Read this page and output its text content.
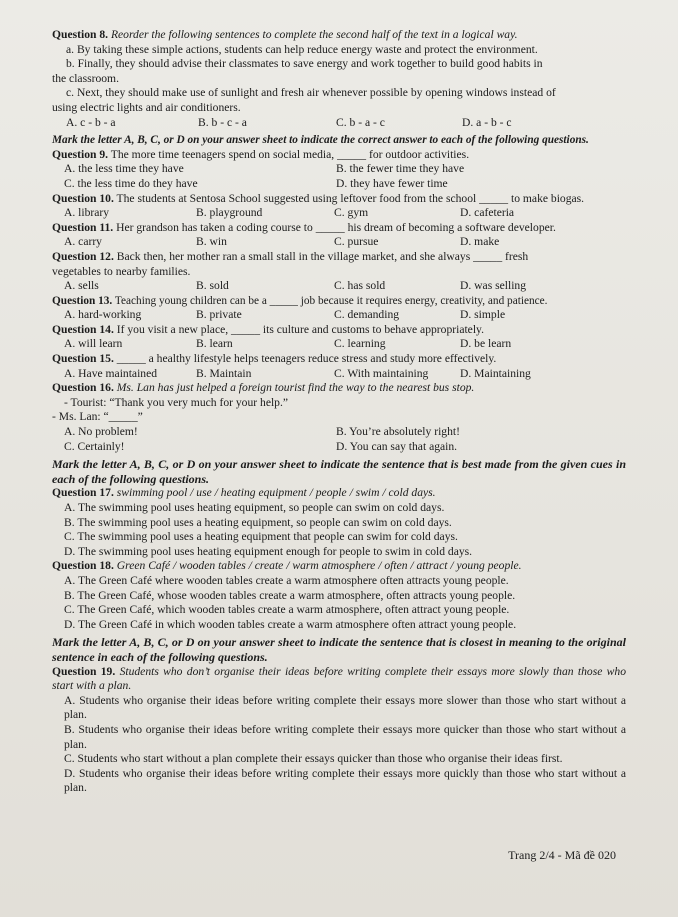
Question 8. Reorder the following sentences to complete the second half of the text in a logical way.
a. By taking these simple actions, students can help reduce energy waste and protect the environment.
b. Finally, they should advise their classmates to save energy and work together to build good habits in
the classroom.
c. Next, they should make use of sunlight and fresh air whenever possible by opening windows instead of
using electric lights and air conditioners.
A. c - b - a	B. b - c - a	C. b - a - c	D. a - b - c
Mark the letter A, B, C, or D on your answer sheet to indicate the correct answer to each of the following questions.
Question 9. The more time teenagers spend on social media, _____ for outdoor activities.
A. the less time they have	B. the fewer time they have
C. the less time do they have	D. they have fewer time
Question 10. The students at Sentosa School suggested using leftover food from the school _____ to make biogas.
A. library	B. playground	C. gym	D. cafeteria
Question 11. Her grandson has taken a coding course to _____ his dream of becoming a software developer.
A. carry	B. win	C. pursue	D. make
Question 12. Back then, her mother ran a small stall in the village market, and she always _____ fresh
vegetables to nearby families.
A. sells	B. sold	C. has sold	D. was selling
Question 13. Teaching young children can be a _____ job because it requires energy, creativity, and patience.
A. hard-working	B. private	C. demanding	D. simple
Question 14. If you visit a new place, _____ its culture and customs to behave appropriately.
A. will learn	B. learn	C. learning	D. be learn
Question 15. _____ a healthy lifestyle helps teenagers reduce stress and study more effectively.
A. Have maintained	B. Maintain	C. With maintaining	D. Maintaining
Question 16. Ms. Lan has just helped a foreign tourist find the way to the nearest bus stop.
- Tourist: “Thank you very much for your help.”
- Ms. Lan: “_____”
A. No problem!	B. You’re absolutely right!
C. Certainly!	D. You can say that again.
Mark the letter A, B, C, or D on your answer sheet to indicate the sentence that is best made from the given cues in each of the following questions.
Question 17. swimming pool / use / heating equipment / people / swim / cold days.
A. The swimming pool uses heating equipment, so people can swim on cold days.
B. The swimming pool uses a heating equipment, so people can swim on cold days.
C. The swimming pool uses a heating equipment that people can swim for cold days.
D. The swimming pool uses heating equipment enough for people to swim in cold days.
Question 18. Green Café / wooden tables / create / warm atmosphere / often / attract / young people.
A. The Green Café where wooden tables create a warm atmosphere often attracts young people.
B. The Green Café, whose wooden tables create a warm atmosphere, often attracts young people.
C. The Green Café, which wooden tables create a warm atmosphere, often attract young people.
D. The Green Café in which wooden tables create a warm atmosphere often attract young people.
Mark the letter A, B, C, or D on your answer sheet to indicate the sentence that is closest in meaning to the original sentence in each of the following questions.
Question 19. Students who don’t organise their ideas before writing complete their essays more slowly than those who start with a plan.
A. Students who organise their ideas before writing complete their essays more slower than those who start without a plan.
B. Students who organise their ideas before writing complete their essays more quicker than those who start without a plan.
C. Students who start without a plan complete their essays quicker than those who organise their ideas first.
D. Students who organise their ideas before writing complete their essays more quickly than those who start without a plan.
Trang 2/4 - Mã đề 020
